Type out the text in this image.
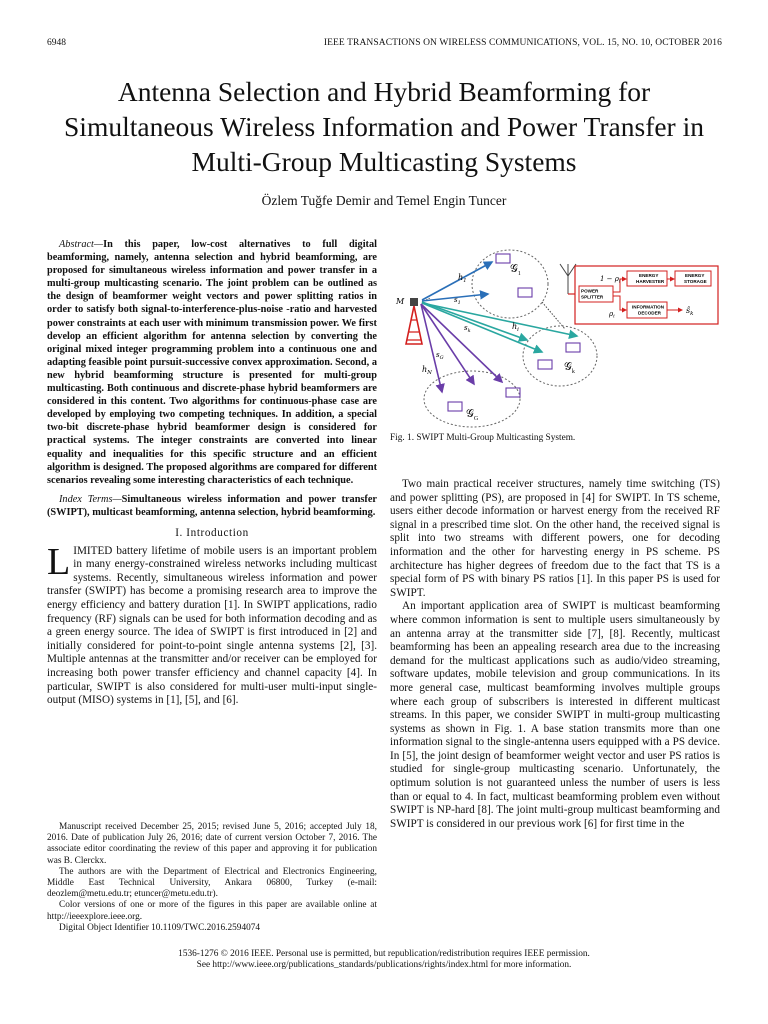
6948	IEEE TRANSACTIONS ON WIRELESS COMMUNICATIONS, VOL. 15, NO. 10, OCTOBER 2016
Antenna Selection and Hybrid Beamforming for Simultaneous Wireless Information and Power Transfer in Multi-Group Multicasting Systems
Özlem Tuğfe Demir and Temel Engin Tuncer

Abstract—In this paper, low-cost alternatives to full digital beamforming, namely, antenna selection and hybrid beamforming, are proposed for simultaneous wireless information and power transfer in a multi-group multicasting scenario. The joint problem can be outlined as the design of beamformer weight vectors and power splitting ratios in order to satisfy both signal-to-interference-plus-noise -ratio and harvested power constraints at each user with minimum transmission power. We first develop an efficient algorithm for antenna selection by converting the original mixed integer programming problem into a continuous one and adapting feasible point pursuit-successive convex approximation. Second, a new hybrid beamforming structure is presented for multi-group multicasting. Both continuous and discrete-phase hybrid beamformers are considered in this content. Two algorithms for continuous-phase case are developed by employing two competing techniques. In addition, a special two-bit discrete-phase hybrid beamformer design is considered for practical systems. The integer constraints are converted into linear equality and inequalities for this specific structure and an efficient algorithm is designed. The proposed algorithms are compared for different scenarios revealing some interesting characteristics of each technique.

Index Terms—Simultaneous wireless information and power transfer (SWIPT), multicast beamforming, antenna selection, hybrid beamforming.

I. Introduction

LIMITED battery lifetime of mobile users is an important problem in many energy-constrained wireless networks including multicast systems. Recently, simultaneous wireless information and power transfer (SWIPT) has become a promising research area to improve the energy efficiency and battery duration [1]. In SWIPT applications, radio frequency (RF) signals can be used for both information decoding and as a green energy source. The idea of SWIPT is first introduced in [2] and initially considered for point-to-point single antenna systems [2], [3]. Multiple antennas at the transmitter and/or receiver can be employed for increasing both power transfer efficiency and channel capacity [4]. In particular, SWIPT is also considered for multi-user multi-input single-output (MISO) systems in [1], [5], and [6].

Manuscript received December 25, 2015; revised June 5, 2016; accepted July 18, 2016. Date of publication July 26, 2016; date of current version October 7, 2016. The associate editor coordinating the review of this paper and approving it for publication was B. Clerckx.

The authors are with the Department of Electrical and Electronics Engineering, Middle East Technical University, Ankara 06800, Turkey (e-mail: deozlem@metu.edu.tr; etuncer@metu.edu.tr).

Color versions of one or more of the figures in this paper are available online at http://ieeexplore.ieee.org.

Digital Object Identifier 10.1109/TWC.2016.2594074

M
$h_1$
$s_1$
$s_k$
$s_G$
$h_i$
$h_N$
𝒢$_1$
𝒢$_k$
𝒢$_G$
POWER
SPLITTER
ENERGY
HARVESTER
ENERGY
STORAGE
INFORMATION
DECODER
$1 - \rho_i$
$\rho_i$
$ŝ_k$
Fig. 1. SWIPT Multi-Group Multicasting System.

Two main practical receiver structures, namely time switching (TS) and power splitting (PS), are proposed in [4] for SWIPT. In TS scheme, users either decode information or harvest energy from the received RF signal in a prescribed time slot. On the other hand, the received signal is split into two streams with different powers, one for decoding information and the other for harvesting energy in PS scheme. PS architecture has higher degrees of freedom due to the fact that TS is a special form of PS with binary PS ratios [1]. In this paper PS is used for SWIPT.

An important application area of SWIPT is multicast beamforming where common information is sent to multiple users simultaneously by an antenna array at the transmitter side [7], [8]. Recently, multicast beamforming has been an appealing research area due to the increasing demand for the multicast applications such as audio/video streaming, software updates, mobile television and group communications. In its more general case, multicast beamforming involves multiple groups where each group of subscribers is interested in different multicast streams. In this paper, we consider SWIPT in multi-group multicasting systems as shown in Fig. 1. A base station transmits more than one information signal to the single-antenna users equipped with a PS device. In [5], the joint design of beamformer weight vector and user PS ratios is studied for single-group multicasting scenario. Unfortunately, the optimum solution is not guaranteed unless the number of users is less than or equal to 4. In fact, multicast beamforming problem even without SWIPT is NP-hard [8]. The joint multi-group multicast beamforming and SWIPT is considered in our previous work [6] for first time in the

1536-1276 © 2016 IEEE. Personal use is permitted, but republication/redistribution requires IEEE permission.
See http://www.ieee.org/publications_standards/publications/rights/index.html for more information.
